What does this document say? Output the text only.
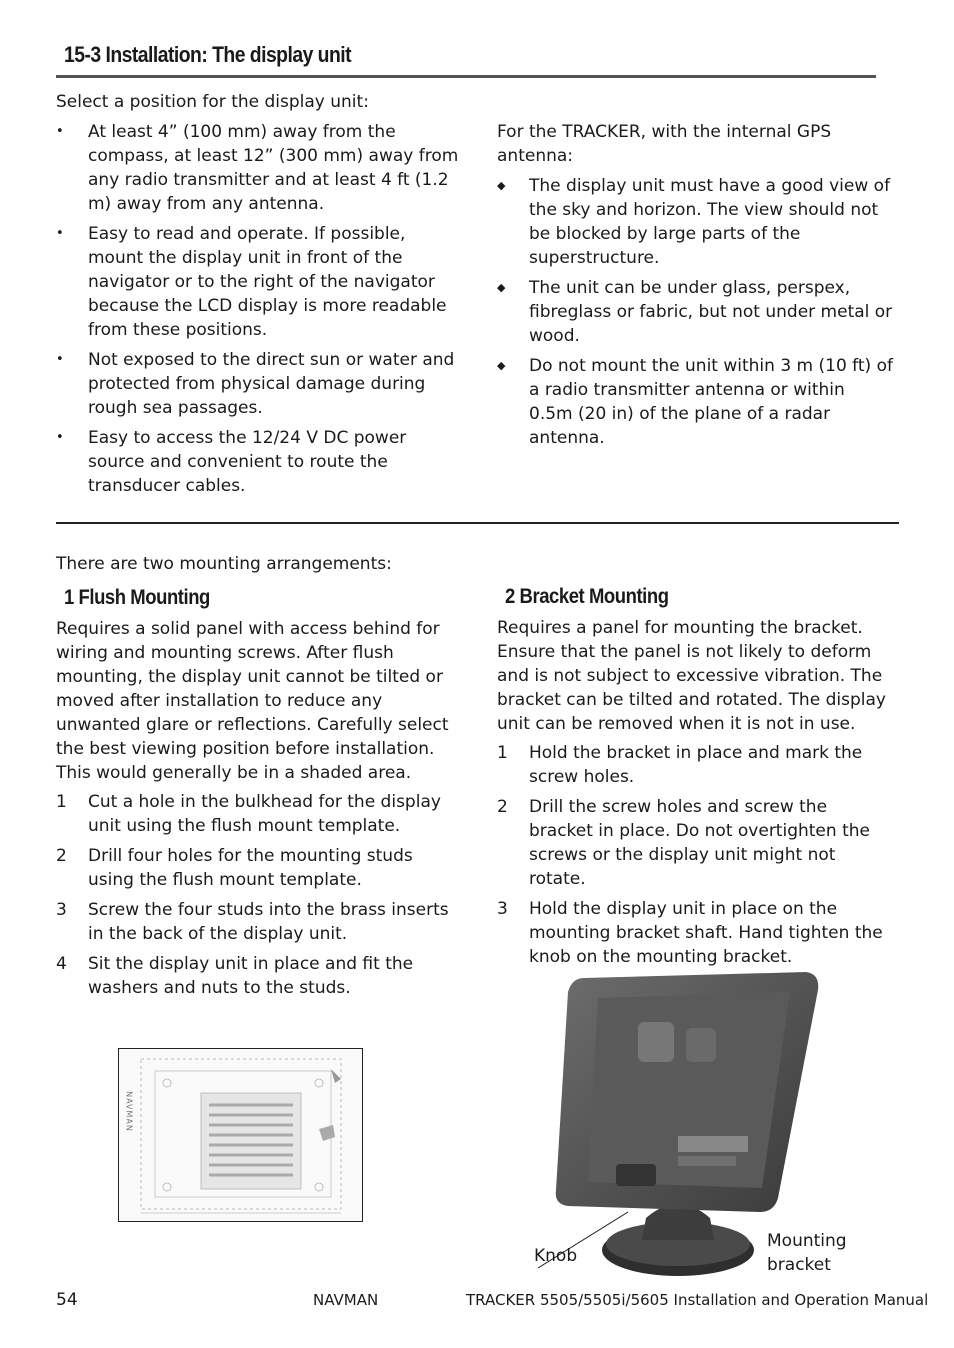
15-3 Installation: The display unit
Select a position for the display unit:
• At least 4” (100 mm) away from the compass, at least 12” (300 mm) away from any radio transmitter and at least 4 ft (1.2 m) away from any antenna.
• Easy to read and operate. If possible, mount the display unit in front of the navigator or to the right of the navigator because the LCD display is more readable from these positions.
• Not exposed to the direct sun or water and protected from physical damage during rough sea passages.
• Easy to access the 12/24 V DC power source and convenient to route the transducer cables.
For the TRACKER, with the internal GPS antenna:
◆ The display unit must have a good view of the sky and horizon. The view should not be blocked by large parts of the superstructure.
◆ The unit can be under glass, perspex, fibreglass or fabric, but not under metal or wood.
◆ Do not mount the unit within 3 m (10 ft) of a radio transmitter antenna or within 0.5m (20 in) of the plane of a radar antenna.
There are two mounting arrangements:
1 Flush Mounting
Requires a solid panel with access behind for wiring and mounting screws. After flush mounting, the display unit cannot be tilted or moved after installation to reduce any unwanted glare or reflections. Carefully select the best viewing position before installation. This would generally be in a shaded area.
1 Cut a hole in the bulkhead for the display unit using the flush mount template.
2 Drill four holes for the mounting studs using the flush mount template.
3 Screw the four studs into the brass inserts in the back of the display unit.
4 Sit the display unit in place and fit the washers and nuts to the studs.
NAVMAN
2 Bracket Mounting
Requires a panel for mounting the bracket. Ensure that the panel is not likely to deform and is not subject to excessive vibration. The bracket can be tilted and rotated. The display unit can be removed when it is not in use.
1 Hold the bracket in place and mark the screw holes.
2 Drill the screw holes and screw the bracket in place. Do not overtighten the screws or the display unit might not rotate.
3 Hold the display unit in place on the mounting bracket shaft. Hand tighten the knob on the mounting bracket.
Knob
Mounting
bracket
54	NAVMAN	TRACKER 5505/5505i/5605 Installation and Operation Manual
